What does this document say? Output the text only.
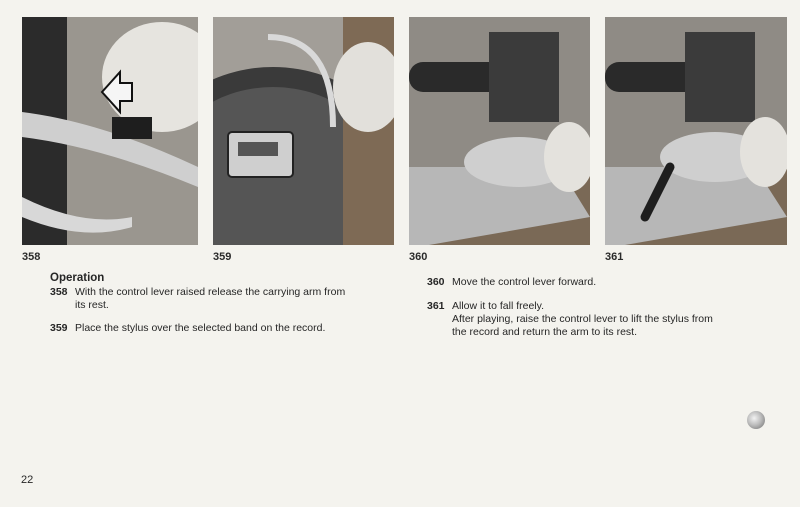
358	359	360	361
Operation
358 With the control lever raised release the carrying arm from
its rest.
359 Place the stylus over the selected band on the record.
360 Move the control lever forward.
361 Allow it to fall freely.
After playing, raise the control lever to lift the stylus from
the record and return the arm to its rest.
22
